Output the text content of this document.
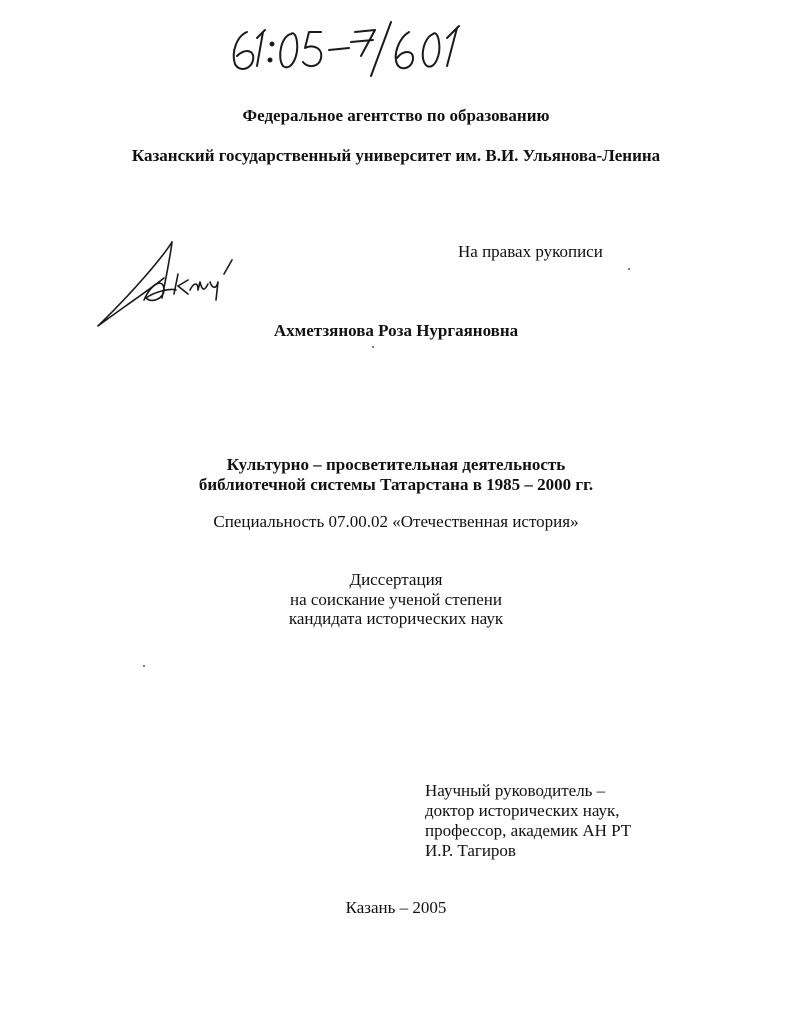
Федеральное агентство по образованию
Казанский государственный университет им. В.И. Ульянова-Ленина
На правах рукописи
Ахметзянова Роза Нургаяновна
Культурно – просветительная деятельность
библиотечной системы Татарстана в 1985 – 2000 гг.
Специальность 07.00.02 «Отечественная история»
Диссертация
на соискание ученой степени
кандидата исторических наук
Научный руководитель –
доктор исторических наук,
профессор, академик АН РТ
И.Р. Тагиров
Казань – 2005
